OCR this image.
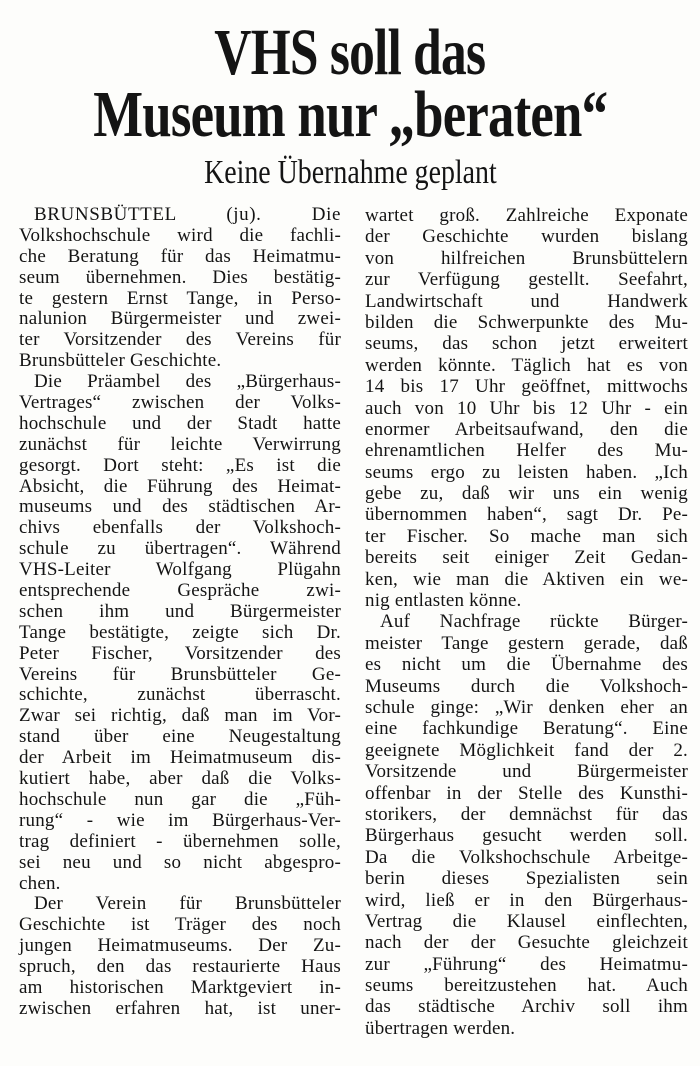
VHS soll das
Museum nur „beraten“
Keine Übernahme geplant
BRUNSBÜTTEL (ju). Die
Volkshochschule wird die fachli-
che Beratung für das Heimatmu-
seum übernehmen. Dies bestätig-
te gestern Ernst Tange, in Perso-
nalunion Bürgermeister und zwei-
ter Vorsitzender des Vereins für
Brunsbütteler Geschichte.
Die Präambel des „Bürgerhaus-
Vertrages“ zwischen der Volks-
hochschule und der Stadt hatte
zunächst für leichte Verwirrung
gesorgt. Dort steht: „Es ist die
Absicht, die Führung des Heimat-
museums und des städtischen Ar-
chivs ebenfalls der Volkshoch-
schule zu übertragen“. Während
VHS-Leiter Wolfgang Plügahn
entsprechende Gespräche zwi-
schen ihm und Bürgermeister
Tange bestätigte, zeigte sich Dr.
Peter Fischer, Vorsitzender des
Vereins für Brunsbütteler Ge-
schichte, zunächst überrascht.
Zwar sei richtig, daß man im Vor-
stand über eine Neugestaltung
der Arbeit im Heimatmuseum dis-
kutiert habe, aber daß die Volks-
hochschule nun gar die „Füh-
rung“ - wie im Bürgerhaus-Ver-
trag definiert - übernehmen solle,
sei neu und so nicht abgespro-
chen.
Der Verein für Brunsbütteler
Geschichte ist Träger des noch
jungen Heimatmuseums. Der Zu-
spruch, den das restaurierte Haus
am historischen Marktgeviert in-
zwischen erfahren hat, ist uner-
wartet groß. Zahlreiche Exponate
der Geschichte wurden bislang
von hilfreichen Brunsbüttelern
zur Verfügung gestellt. Seefahrt,
Landwirtschaft und Handwerk
bilden die Schwerpunkte des Mu-
seums, das schon jetzt erweitert
werden könnte. Täglich hat es von
14 bis 17 Uhr geöffnet, mittwochs
auch von 10 Uhr bis 12 Uhr - ein
enormer Arbeitsaufwand, den die
ehrenamtlichen Helfer des Mu-
seums ergo zu leisten haben. „Ich
gebe zu, daß wir uns ein wenig
übernommen haben“, sagt Dr. Pe-
ter Fischer. So mache man sich
bereits seit einiger Zeit Gedan-
ken, wie man die Aktiven ein we-
nig entlasten könne.
Auf Nachfrage rückte Bürger-
meister Tange gestern gerade, daß
es nicht um die Übernahme des
Museums durch die Volkshoch-
schule ginge: „Wir denken eher an
eine fachkundige Beratung“. Eine
geeignete Möglichkeit fand der 2.
Vorsitzende und Bürgermeister
offenbar in der Stelle des Kunsthi-
storikers, der demnächst für das
Bürgerhaus gesucht werden soll.
Da die Volkshochschule Arbeitge-
berin dieses Spezialisten sein
wird, ließ er in den Bürgerhaus-
Vertrag die Klausel einflechten,
nach der der Gesuchte gleichzeit
zur „Führung“ des Heimatmu-
seums bereitzustehen hat. Auch
das städtische Archiv soll ihm
übertragen werden.
